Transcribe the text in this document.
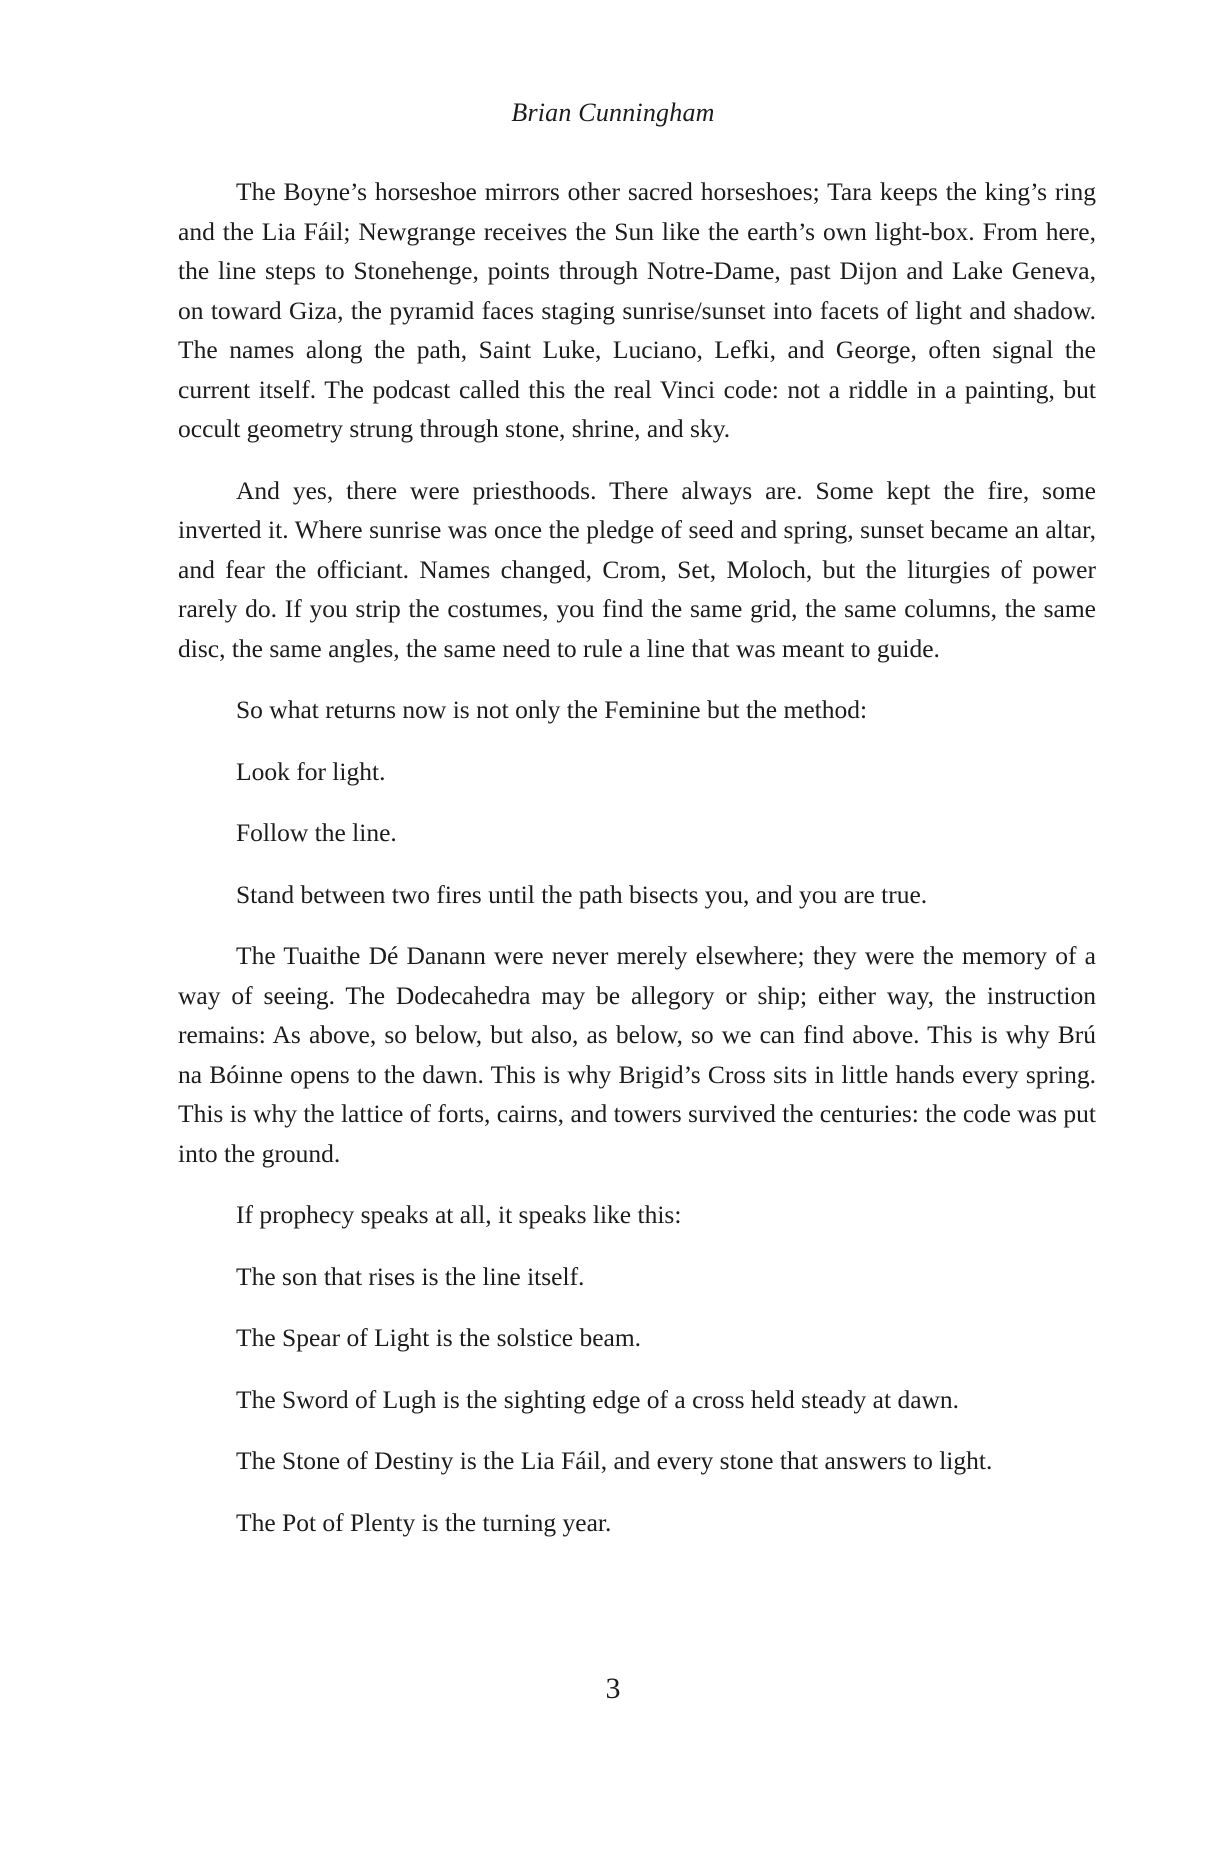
Brian Cunningham

The Boyne’s horseshoe mirrors other sacred horseshoes; Tara keeps the king’s ring and the Lia Fáil; Newgrange receives the Sun like the earth’s own light-box. From here, the line steps to Stonehenge, points through Notre-Dame, past Dijon and Lake Geneva, on toward Giza, the pyramid faces staging sunrise/sunset into facets of light and shadow. The names along the path, Saint Luke, Luciano, Lefki, and George, often signal the current itself. The podcast called this the real Vinci code: not a riddle in a painting, but occult geometry strung through stone, shrine, and sky.

And yes, there were priesthoods. There always are. Some kept the fire, some inverted it. Where sunrise was once the pledge of seed and spring, sunset became an altar, and fear the officiant. Names changed, Crom, Set, Moloch, but the liturgies of power rarely do. If you strip the costumes, you find the same grid, the same columns, the same disc, the same angles, the same need to rule a line that was meant to guide.

So what returns now is not only the Feminine but the method:

Look for light.

Follow the line.

Stand between two fires until the path bisects you, and you are true.

The Tuaithe Dé Danann were never merely elsewhere; they were the memory of a way of seeing. The Dodecahedra may be allegory or ship; either way, the instruction remains: As above, so below, but also, as below, so we can find above. This is why Brú na Bóinne opens to the dawn. This is why Brigid’s Cross sits in little hands every spring. This is why the lattice of forts, cairns, and towers survived the centuries: the code was put into the ground.

If prophecy speaks at all, it speaks like this:

The son that rises is the line itself.

The Spear of Light is the solstice beam.

The Sword of Lugh is the sighting edge of a cross held steady at dawn.

The Stone of Destiny is the Lia Fáil, and every stone that answers to light.

The Pot of Plenty is the turning year.

3
